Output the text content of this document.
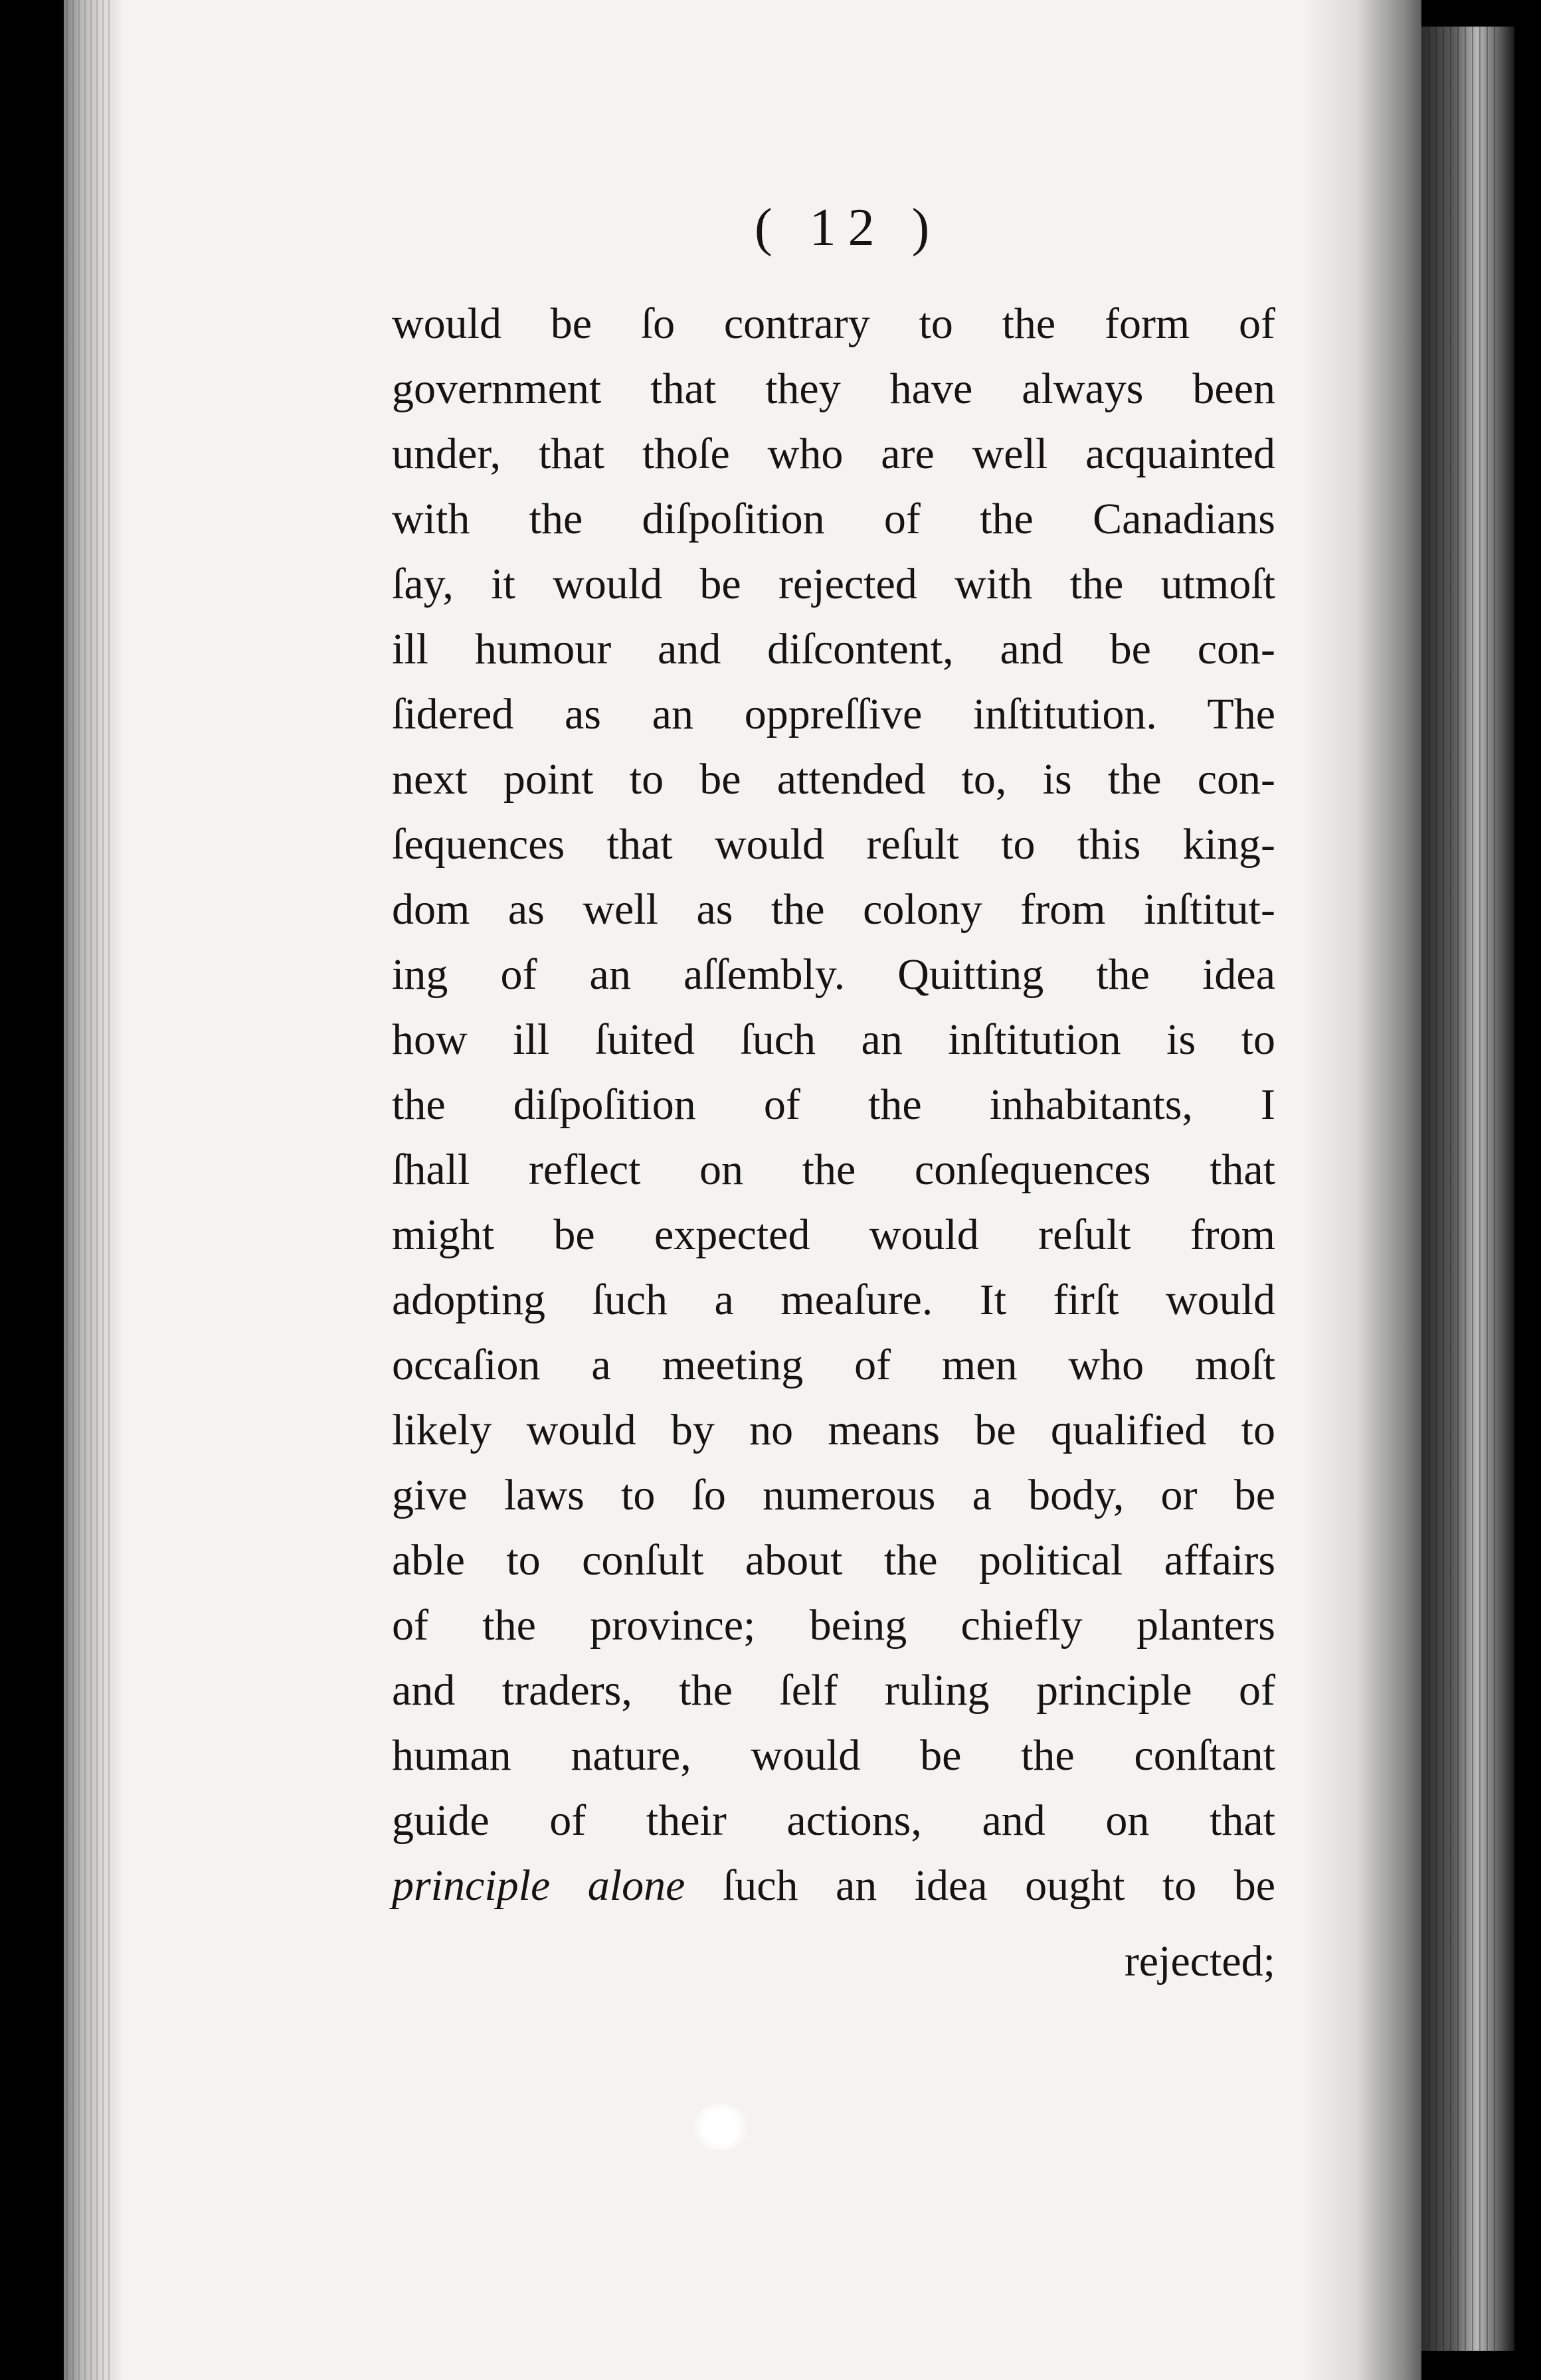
( 12 )
would be ſo contrary to the form of
government that they have always been
under, that thoſe who are well acquainted
with the diſpoſition of the Canadians
ſay, it would be rejected with the utmoſt
ill humour and diſcontent, and be con-
ſidered as an oppreſſive inſtitution. The
next point to be attended to, is the con-
ſequences that would reſult to this king-
dom as well as the colony from inſtitut-
ing of an aſſembly. Quitting the idea
how ill ſuited ſuch an inſtitution is to
the diſpoſition of the inhabitants, I
ſhall reflect on the conſequences that
might be expected would reſult from
adopting ſuch a meaſure. It firſt would
occaſion a meeting of men who moſt
likely would by no means be qualified to
give laws to ſo numerous a body, or be
able to conſult about the political affairs
of the province; being chiefly planters
and traders, the ſelf ruling principle of
human nature, would be the conſtant
guide of their actions, and on that
principle alone ſuch an idea ought to be
rejected;
